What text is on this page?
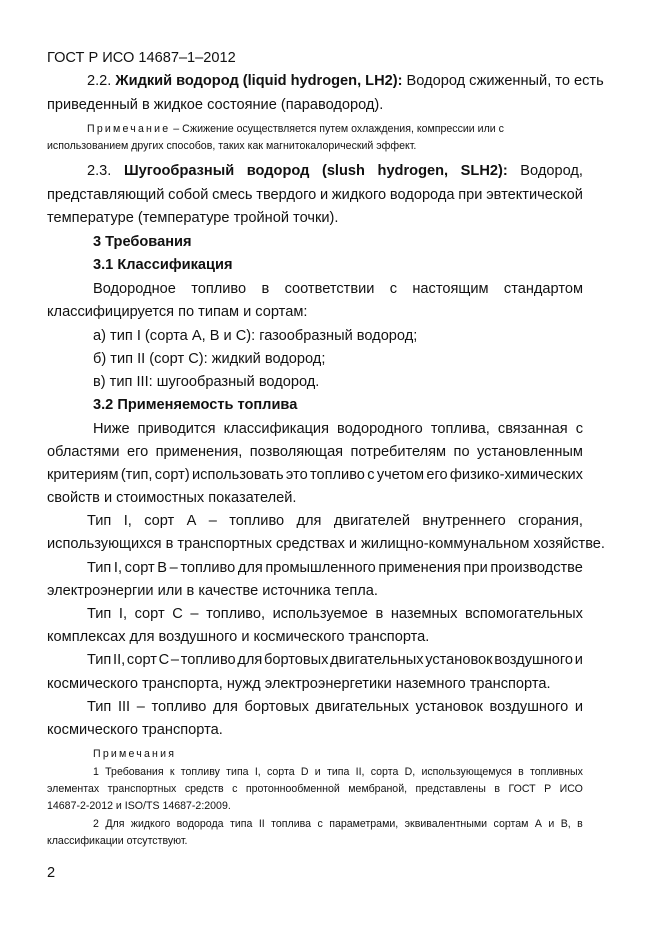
ГОСТ Р ИСО 14687–1–2012
2.2. Жидкий водород (liquid hydrogen, LH2): Водород сжиженный, то есть
приведенный в жидкое состояние (параводород).
Примечание – Сжижение осуществляется путем охлаждения, компрессии или с
использованием других способов, таких как магнитокалорический эффект.
2.3. Шугообразный водород (slush hydrogen, SLH2): Водород,
представляющий собой смесь твердого и жидкого водорода при эвтектической
температуре (температуре тройной точки).
3 Требования
3.1 Классификация
Водородное топливо в соответствии с настоящим стандартом
классифицируется по типам и сортам:
а) тип I (сорта А, В и С): газообразный водород;
б) тип II (сорт С): жидкий водород;
в) тип III: шугообразный водород.
3.2 Применяемость топлива
Ниже приводится классификация водородного топлива, связанная с
областями его применения, позволяющая потребителям по установленным
критериям (тип, сорт) использовать это топливо с учетом его физико-химических
свойств и стоимостных показателей.
Тип I, сорт А – топливо для двигателей внутреннего сгорания,
использующихся в транспортных средствах и жилищно-коммунальном хозяйстве.
Тип I, сорт В – топливо для промышленного применения при производстве
электроэнергии или в качестве источника тепла.
Тип I, сорт С – топливо, используемое в наземных вспомогательных
комплексах для воздушного и космического транспорта.
Тип II, сорт С – топливо для бортовых двигательных установок воздушного и
космического транспорта, нужд электроэнергетики наземного транспорта.
Тип III – топливо для бортовых двигательных установок воздушного и
космического транспорта.
Примечания
1 Требования к топливу типа I, сорта D и типа II, сорта D, использующемуся в топливных
элементах транспортных средств с протоннообменной мембраной, представлены в ГОСТ Р ИСО
14687-2-2012 и ISO/TS 14687-2:2009.
2 Для жидкого водорода типа II топлива с параметрами, эквивалентными сортам А и В, в
классификации отсутствуют.
2
